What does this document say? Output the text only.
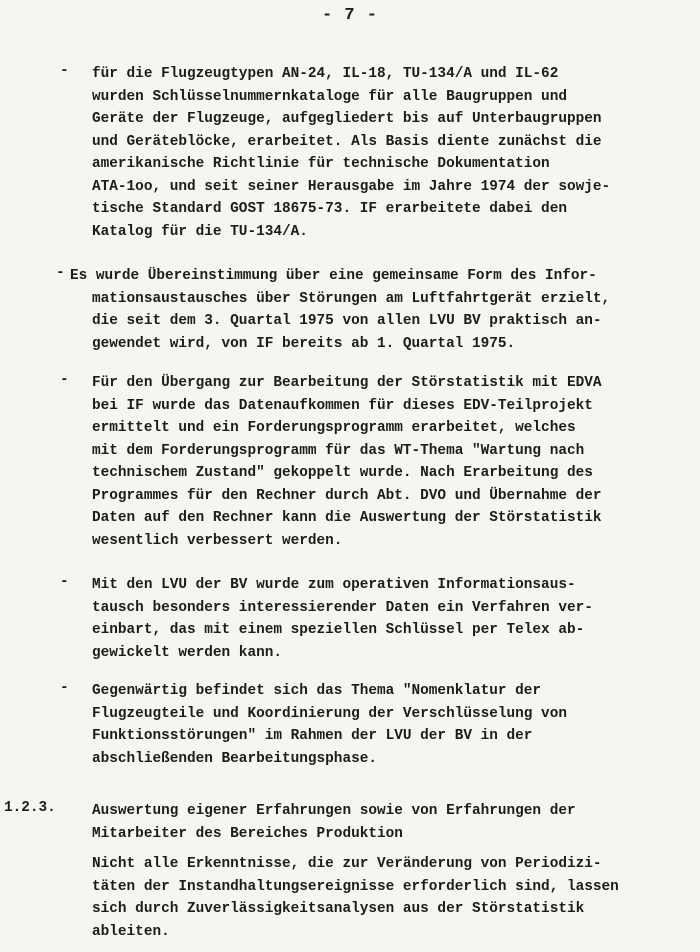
- 7 -
-	für die Flugzeugtypen AN-24, IL-18, TU-134/A und IL-62
wurden Schlüsselnummernkataloge für alle Baugruppen und
Geräte der Flugzeuge, aufgegliedert bis auf Unterbaugruppen
und Geräteblöcke, erarbeitet. Als Basis diente zunächst die
amerikanische Richtlinie für technische Dokumentation
ATA-1oo, und seit seiner Herausgabe im Jahre 1974 der sowje-
tische Standard GOST 18675-73. IF erarbeitete dabei den
Katalog für die TU-134/A.
- Es wurde Übereinstimmung über eine gemeinsame Form des Infor-
mationsaustausches über Störungen am Luftfahrtgerät erzielt,
die seit dem 3. Quartal 1975 von allen LVU BV praktisch an-
gewendet wird, von IF bereits ab 1. Quartal 1975.
-	Für den Übergang zur Bearbeitung der Störstatistik mit EDVA
bei IF wurde das Datenaufkommen für dieses EDV-Teilprojekt
ermittelt und ein Forderungsprogramm erarbeitet, welches
mit dem Forderungsprogramm für das WT-Thema "Wartung nach
technischem Zustand" gekoppelt wurde. Nach Erarbeitung des
Programmes für den Rechner durch Abt. DVO und Übernahme der
Daten auf den Rechner kann die Auswertung der Störstatistik
wesentlich verbessert werden.
-	Mit den LVU der BV wurde zum operativen Informationsaus-
tausch besonders interessierender Daten ein Verfahren ver-
einbart, das mit einem speziellen Schlüssel per Telex ab-
gewickelt werden kann.
-	Gegenwärtig befindet sich das Thema "Nomenklatur der
Flugzeugteile und Koordinierung der Verschlüsselung von
Funktionsstörungen" im Rahmen der LVU der BV in der
abschließenden Bearbeitungsphase.
1.2.3.	Auswertung eigener Erfahrungen sowie von Erfahrungen der
Mitarbeiter des Bereiches Produktion
Nicht alle Erkenntnisse, die zur Veränderung von Periodizi-
täten der Instandhaltungsereignisse erforderlich sind, lassen
sich durch Zuverlässigkeitsanalysen aus der Störstatistik
ableiten.
